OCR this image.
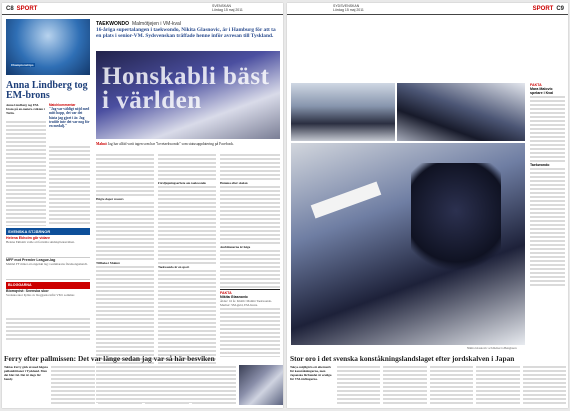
C8 SPORT	SVENSKAN
Lördag 15 maj 2011
Championships
Anna Lindberg tog EM-brons
Anna Lindberg tog EM-brons på en-meters-svikten i Turin.
Matchkommentar
"Jag var väldigt nöjd med mitt hopp, det var det bästa jag gjort i år. Jag trodde inte det var nog för en medalj."
SVENSKA STJÄRNOR
Helena Ekholm går vidare
Helena Ekholm valde att fortsätta skidskyttekarriären.
MFF mot Premier League-lag
Malmö FF möter ett engelskt lag i sommarens försäsongsmatch.
BLOGGARNA
Blomqvist: Svenska skor
Svenska skor hyllas av bloggarna inför VM i sommar.
TAEKWONDO Malmötjejen i VM-kval
16-åriga supertalangen i taekwondo, Nikita Glasnovic, är i Hamburg för att ta en plats i senior-VM. Sydsvenskan träffade henne inför avresan till Tyskland.
Honskabli bäst i världen
Malmö Jag har alltid varit tagen som har "lovetaekwondo" som statusuppdatering på Facebook.
Högre doper ressurs
Tillbaka i Malmö
Fördjupningsarbete om taekwondo
Taekwondo är en sport
Hemma efter skolan
Ambitionerna är höga
FAKTA
Nikita Glasnovic
Ålder: 16 år. Klubb: Malmö Taekwondo. Meriter: SM-guld, EM-brons.
SYDSVENSKAN
Lördag 15 maj 2011	SPORT C9
Nikita Glasnovic och Rebecca Bengtsson
FAKTA
Mara Malovic spelare i Kval
Taekwondo
Ferry efter pallmissen: Det var länge sedan jag var så här besviken
Tobias Ferry gick ut med högsta pallambitioner i Tyskland. Men det blev fel. Det är dags för bandy.
Stor oro i det svenska konståkningslandslaget efter jordskalven i Japan
Tokyo möjligtvis ett alternativ för konståkningarna, men Japanska förbundet är oroliga för VM-tävlingarna.
